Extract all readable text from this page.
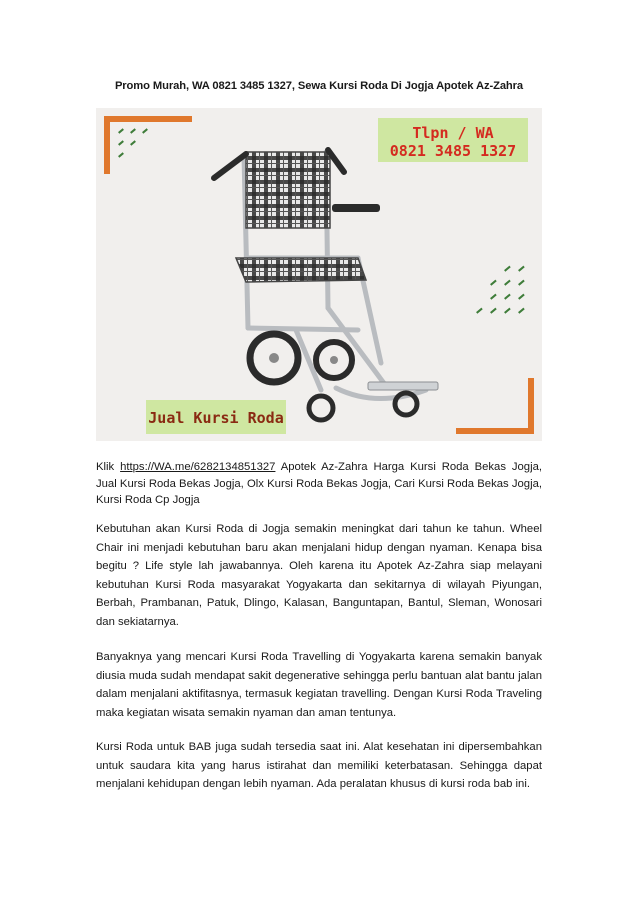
Promo Murah, WA 0821 3485 1327, Sewa Kursi Roda Di Jogja Apotek Az-Zahra
Tlpn / WA
0821 3485 1327
Jual Kursi Roda
Klik https://WA.me/6282134851327 Apotek Az-Zahra Harga Kursi Roda Bekas Jogja, Jual Kursi Roda Bekas Jogja, Olx Kursi Roda Bekas Jogja, Cari Kursi Roda Bekas Jogja, Kursi Roda Cp Jogja
Kebutuhan akan Kursi Roda di Jogja semakin meningkat dari tahun ke tahun. Wheel Chair ini menjadi kebutuhan baru akan menjalani hidup dengan nyaman. Kenapa bisa begitu ? Life style lah jawabannya. Oleh karena itu Apotek Az-Zahra siap melayani kebutuhan Kursi Roda masyarakat Yogyakarta dan sekitarnya di wilayah Piyungan, Berbah, Prambanan, Patuk, Dlingo, Kalasan, Banguntapan, Bantul, Sleman, Wonosari dan sekiatarnya.
Banyaknya yang mencari Kursi Roda Travelling di Yogyakarta karena semakin banyak diusia muda sudah mendapat sakit degenerative sehingga perlu bantuan alat bantu jalan dalam menjalani aktifitasnya, termasuk kegiatan travelling. Dengan Kursi Roda Traveling maka kegiatan wisata semakin nyaman dan aman tentunya.
Kursi Roda untuk BAB juga sudah tersedia saat ini. Alat kesehatan ini dipersembahkan untuk saudara kita yang harus istirahat dan memiliki keterbatasan. Sehingga dapat menjalani kehidupan dengan lebih nyaman. Ada peralatan khusus di kursi roda bab ini.
